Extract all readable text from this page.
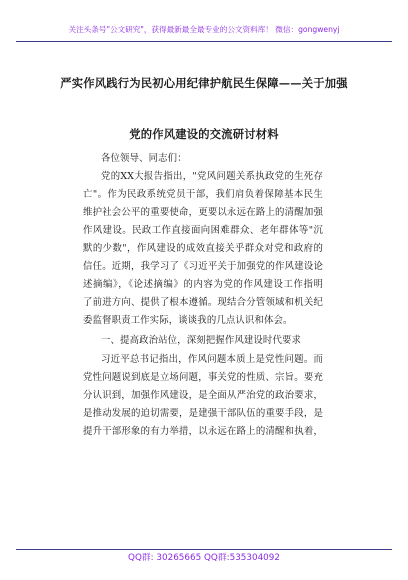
关注头条号"公文研究"，获得最新最全最专业的公文资料库！ 微信：gongwenyj
严实作风践行为民初心用纪律护航民生保障——关于加强
党的作风建设的交流研讨材料
各位领导、同志们：
党的XX大报告指出，"党风问题关系执政党的生死存
亡"。作为民政系统党员干部，我们肩负着保障基本民生
维护社会公平的重要使命，更要以永远在路上的清醒加强
作风建设。民政工作直接面向困难群众、老年群体等"沉
默的少数"，作风建设的成效直接关乎群众对党和政府的
信任。近期，我学习了《习近平关于加强党的作风建设论
述摘编》，《论述摘编》的内容为党的作风建设工作指明
了前进方向、提供了根本遵循。现结合分管领域和机关纪
委监督职责工作实际，谈谈我的几点认识和体会。
一、提高政治站位，深刻把握作风建设时代要求
习近平总书记指出，作风问题本质上是党性问题。而
党性问题说到底是立场问题，事关党的性质、宗旨。要充
分认识到，加强作风建设，是全面从严治党的政治要求，
是推动发展的迫切需要，是建强干部队伍的重要手段，是
提升干部形象的有力举措，以永远在路上的清醒和执着，
QQ群: 30265665 QQ群:535304092
